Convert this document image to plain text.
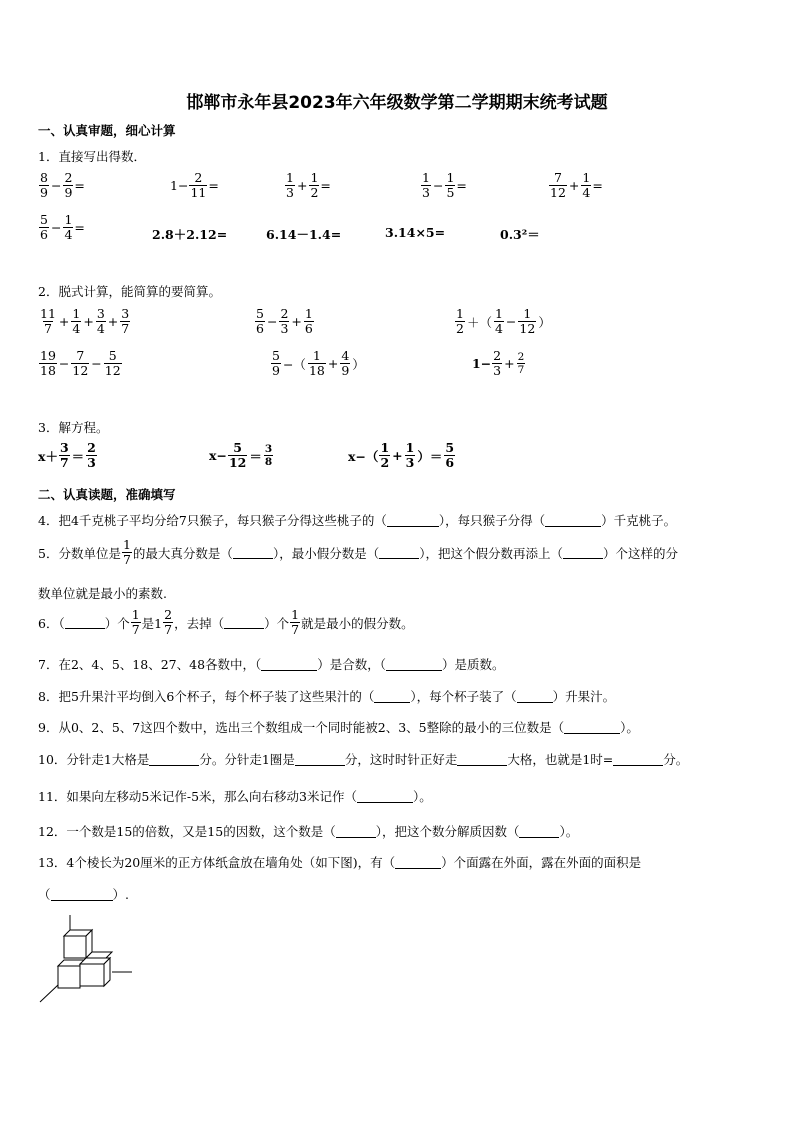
邯郸市永年县2023年六年级数学第二学期期末统考试题
一、认真审题，细心计算
1．直接写出得数．
$\frac{8}{9} - \frac{2}{9}$ =	$1- \frac{2}{11}$ =	$\frac{1}{3} + \frac{1}{2}$ =	$\frac{1}{3} - \frac{1}{5}$ =	$\frac{7}{12} + \frac{1}{4}$ =
$\frac{5}{6} - \frac{1}{4}$ =	2.8＋2.12=	6.14－1.4=	3.14×5=	0.3²＝
2．脱式计算，能简算的要简算。
$\frac{11}{7} + \frac{1}{4} + \frac{3}{4} + \frac{3}{7}$	$\frac{5}{6} - \frac{2}{3} + \frac{1}{6}$	$\frac{1}{2}$ ＋（ $\frac{1}{4} - \frac{1}{12}$ ）
$\frac{19}{18} - \frac{7}{12} - \frac{5}{12}$	$\frac{5}{9}$ −（ $\frac{1}{18} + \frac{4}{9}$ ）	$1- \frac{2}{3} + \frac{2}{7}$
3．解方程。
$x+ \frac{3}{7} = \frac{2}{3}$	$x- \frac{5}{12} = \frac{3}{8}$	$x-( \frac{1}{2} + \frac{1}{3}$ ）＝ $\frac{5}{6}$
二、认真读题，准确填写
4．把4千克桃子平均分给7只猴子，每只猴子分得这些桃子的（	），每只猴子分得（	）千克桃子。
5．分数单位是 $\frac{1}{7}$ 的最大真分数是（	），最小假分数是（	），把这个假分数再添上（	）个这样的分
数单位就是最小的素数.
6．（	）个 $\frac{1}{7}$ 是$1 \frac{2}{7}$ ，去掉（	）个 $\frac{1}{7}$ 就是最小的假分数。
7．在2、4、5、18、27、48各数中，（	）是合数，（	）是质数。
8．把5升果汁平均倒入6个杯子，每个杯子装了这些果汁的（	），每个杯子装了（	）升果汁。
9．从0、2、5、7这四个数中，选出三个数组成一个同时能被2、3、5整除的最小的三位数是（	）。
10．分针走1大格是	分。分针走1圈是	分，这时时针正好走	大格，也就是1时=	分。
11．如果向左移动5米记作-5米，那么向右移动3米记作（	）。
12．一个数是15的倍数，又是15的因数，这个数是（	），把这个数分解质因数（	）。
13．4个棱长为20厘米的正方体纸盒放在墙角处（如下图)，有（	）个面露在外面，露在外面的面积是
（	）.
